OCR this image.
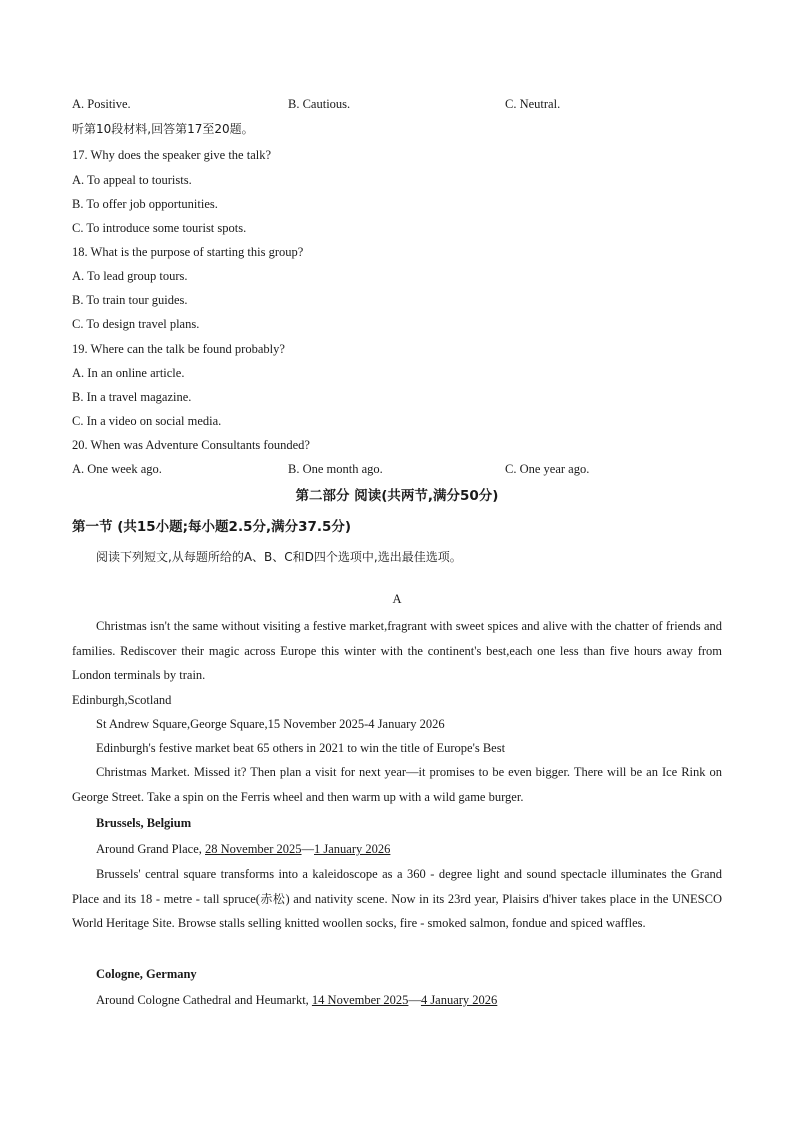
A. Positive.	B. Cautious.	C. Neutral.
听第10段材料,回答第17至20题。
17. Why does the speaker give the talk?
A. To appeal to tourists.
B. To offer job opportunities.
C. To introduce some tourist spots.
18. What is the purpose of starting this group?
A. To lead group tours.
B. To train tour guides.
C. To design travel plans.
19. Where can the talk be found probably?
A. In an online article.
B. In a travel magazine.
C. In a video on social media.
20. When was Adventure Consultants founded?
A. One week ago.	B. One month ago.	C. One year ago.
第二部分 阅读(共两节,满分50分)
第一节 (共15小题;每小题2.5分,满分37.5分)
阅读下列短文,从每题所给的A、B、C和D四个选项中,选出最佳选项。
A
Christmas isn't the same without visiting a festive market,fragrant with sweet spices and alive with the chatter of friends and families. Rediscover their magic across Europe this winter with the continent's best,each one less than five hours away from London terminals by train.
Edinburgh,Scotland
St Andrew Square,George Square,15 November 2025-4 January 2026
Edinburgh's festive market beat 65 others in 2021 to win the title of Europe's Best
Christmas Market. Missed it? Then plan a visit for next year—it promises to be even bigger. There will be an Ice Rink on George Street. Take a spin on the Ferris wheel and then warm up with a wild game burger.
Brussels, Belgium
Around Grand Place, 28 November 2025—1 January 2026
Brussels' central square transforms into a kaleidoscope as a 360 - degree light and sound spectacle illuminates the Grand Place and its 18 - metre - tall spruce(赤松) and nativity scene. Now in its 23rd year, Plaisirs d'hiver takes place in the UNESCO World Heritage Site. Browse stalls selling knitted woollen socks, fire - smoked salmon, fondue and spiced waffles.
Cologne, Germany
Around Cologne Cathedral and Heumarkt, 14 November 2025—4 January 2026
